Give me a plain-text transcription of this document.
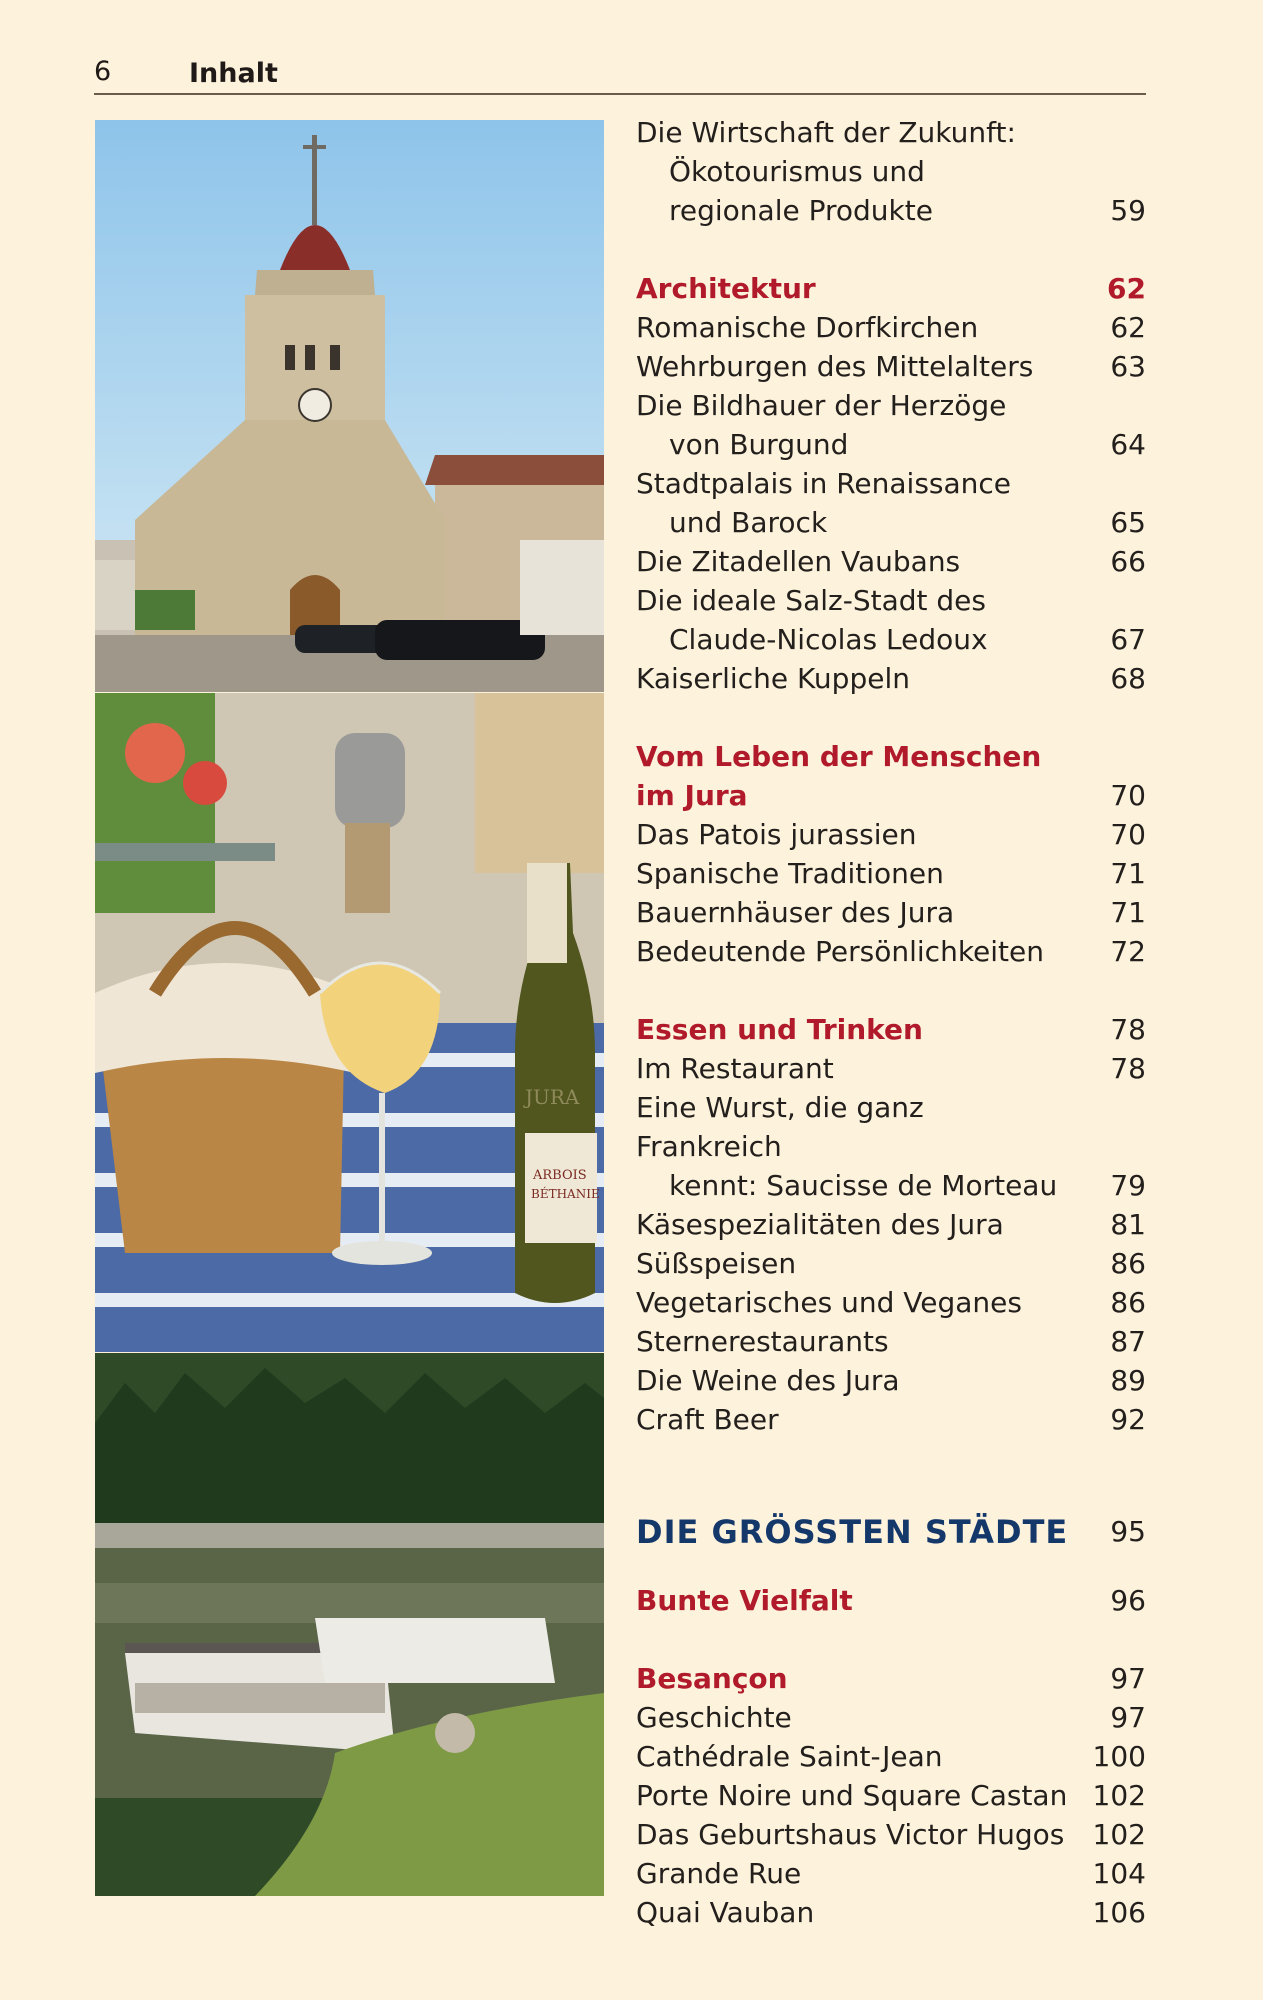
6	Inhalt
JURA
ARBOIS
BÉTHANIE
Die Wirtschaft der Zukunft:
Ökotourismus und
regionale Produkte	59
Architektur	62
Romanische Dorfkirchen	62
Wehrburgen des Mittelalters	63
Die Bildhauer der Herzöge
von Burgund	64
Stadtpalais in Renaissance
und Barock	65
Die Zitadellen Vaubans	66
Die ideale Salz-Stadt des
Claude-Nicolas Ledoux	67
Kaiserliche Kuppeln	68
Vom Leben der Menschen
im Jura	70
Das Patois jurassien	70
Spanische Traditionen	71
Bauernhäuser des Jura	71
Bedeutende Persönlichkeiten	72
Essen und Trinken	78
Im Restaurant	78
Eine Wurst, die ganz Frankreich
kennt: Saucisse de Morteau	79
Käsespezialitäten des Jura	81
Süßspeisen	86
Vegetarisches und Veganes	86
Sternerestaurants	87
Die Weine des Jura	89
Craft Beer	92
DIE GRÖSSTEN STÄDTE	95
Bunte Vielfalt	96
Besançon	97
Geschichte	97
Cathédrale Saint-Jean	100
Porte Noire und Square Castan 102
Das Geburtshaus Victor Hugos	102
Grande Rue	104
Quai Vauban	106
